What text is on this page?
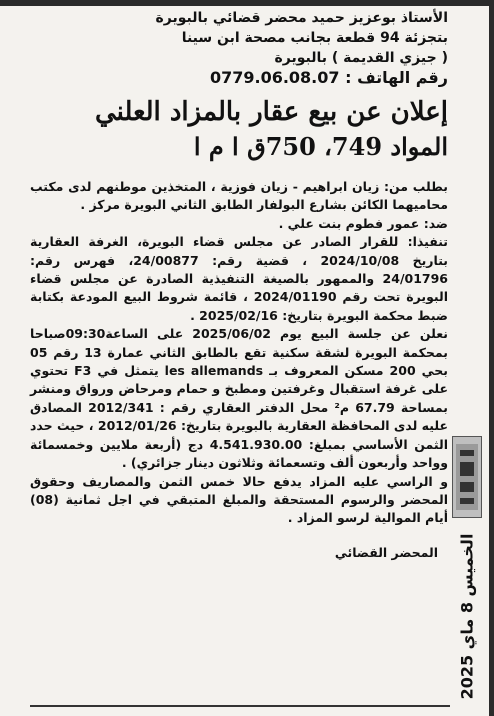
الأستاذ بوعزيز حميد محضر قضائي بالبويرة

بتجزئة 94 قطعة بجانب مصحة ابن سينا

( جيزي القديمة ) بالبويرة

رقم الهاتف : 0779.06.08.07

إعلان عن بيع عقار بالمزاد العلني
المواد 749، 750ق ا م ا

بطلب من: زيان ابراهيم - زيان فوزية ، المتخذين موطنهم لدى مكتب محاميهما الكائن بشارع البولفار الطابق الثاني البويرة مركز .

ضد: عمور فطوم بنت علي .

تنفيذا: للقرار الصادر عن مجلس قضاء البويرة، الغرفة العقارية بتاريخ 2024/10/08 ، قضية رقم: 24/00877، فهرس رقم: 24/01796 والممهور بالصيغة التنفيذية الصادرة عن مجلس قضاء البويرة تحت رقم 2024/01190 ، قائمة شروط البيع المودعة بكتابة ضبط محكمة البويرة بتاريخ: 2025/02/16 .

نعلن عن جلسة البيع يوم 2025/06/02 على الساعة09:30صباحا بمحكمة البويرة لشقة سكنية تقع بالطابق الثاني عمارة 13 رقم 05 بحي 200 مسكن المعروف بـ les allemands يتمثل في F3 تحتوي على غرفة استقبال وغرفتين ومطبخ و حمام ومرحاض ورواق ومنشر بمساحة 67.79 م² محل الدفتر العقاري رقم : 2012/341 المصادق عليه لدى المحافظة العقارية بالبويرة بتاريخ: 2012/01/26 ، حيث حدد الثمن الأساسي بمبلغ: 4.541.930.00 دج (أربعة ملايين وخمسمائة وواحد وأربعون ألف وتسعمائة وثلاثون دينار جزائري) .

و الراسي عليه المزاد يدفع حالا خمس الثمن والمصاريف وحقوق المحضر والرسوم المستحقة والمبلغ المتبقي في اجل ثمانية (08) أيام الموالية لرسو المزاد .

المحضر القضائي
الخميس 8 ماي 2025
